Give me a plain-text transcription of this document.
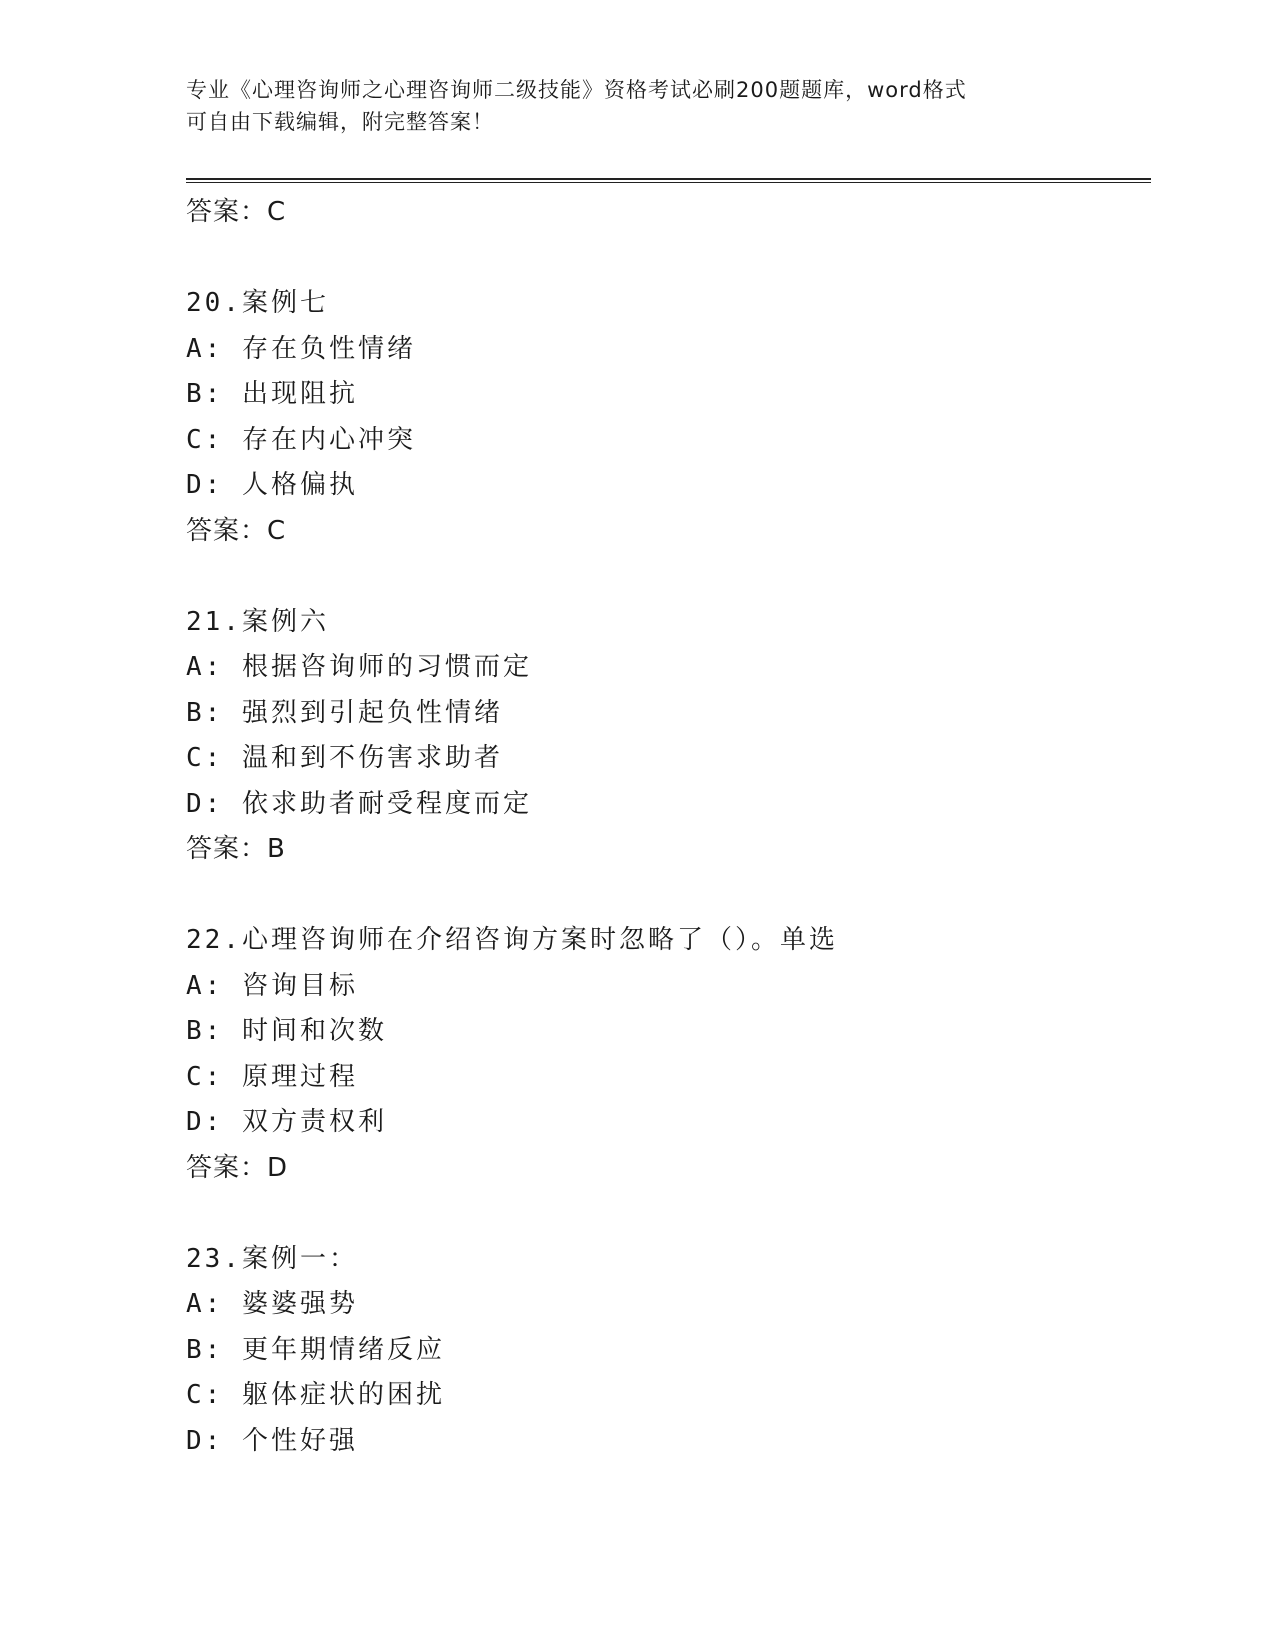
专业《心理咨询师之心理咨询师二级技能》资格考试必刷200题题库，word格式
可自由下载编辑，附完整答案！
答案：C
20.案例七
A: 存在负性情绪
B: 出现阻抗
C: 存在内心冲突
D: 人格偏执
答案：C
21.案例六
A: 根据咨询师的习惯而定
B: 强烈到引起负性情绪
C: 温和到不伤害求助者
D: 依求助者耐受程度而定
答案：B
22.心理咨询师在介绍咨询方案时忽略了（）。单选
A: 咨询目标
B: 时间和次数
C: 原理过程
D: 双方责权利
答案：D
23.案例一：
A: 婆婆强势
B: 更年期情绪反应
C: 躯体症状的困扰
D: 个性好强
